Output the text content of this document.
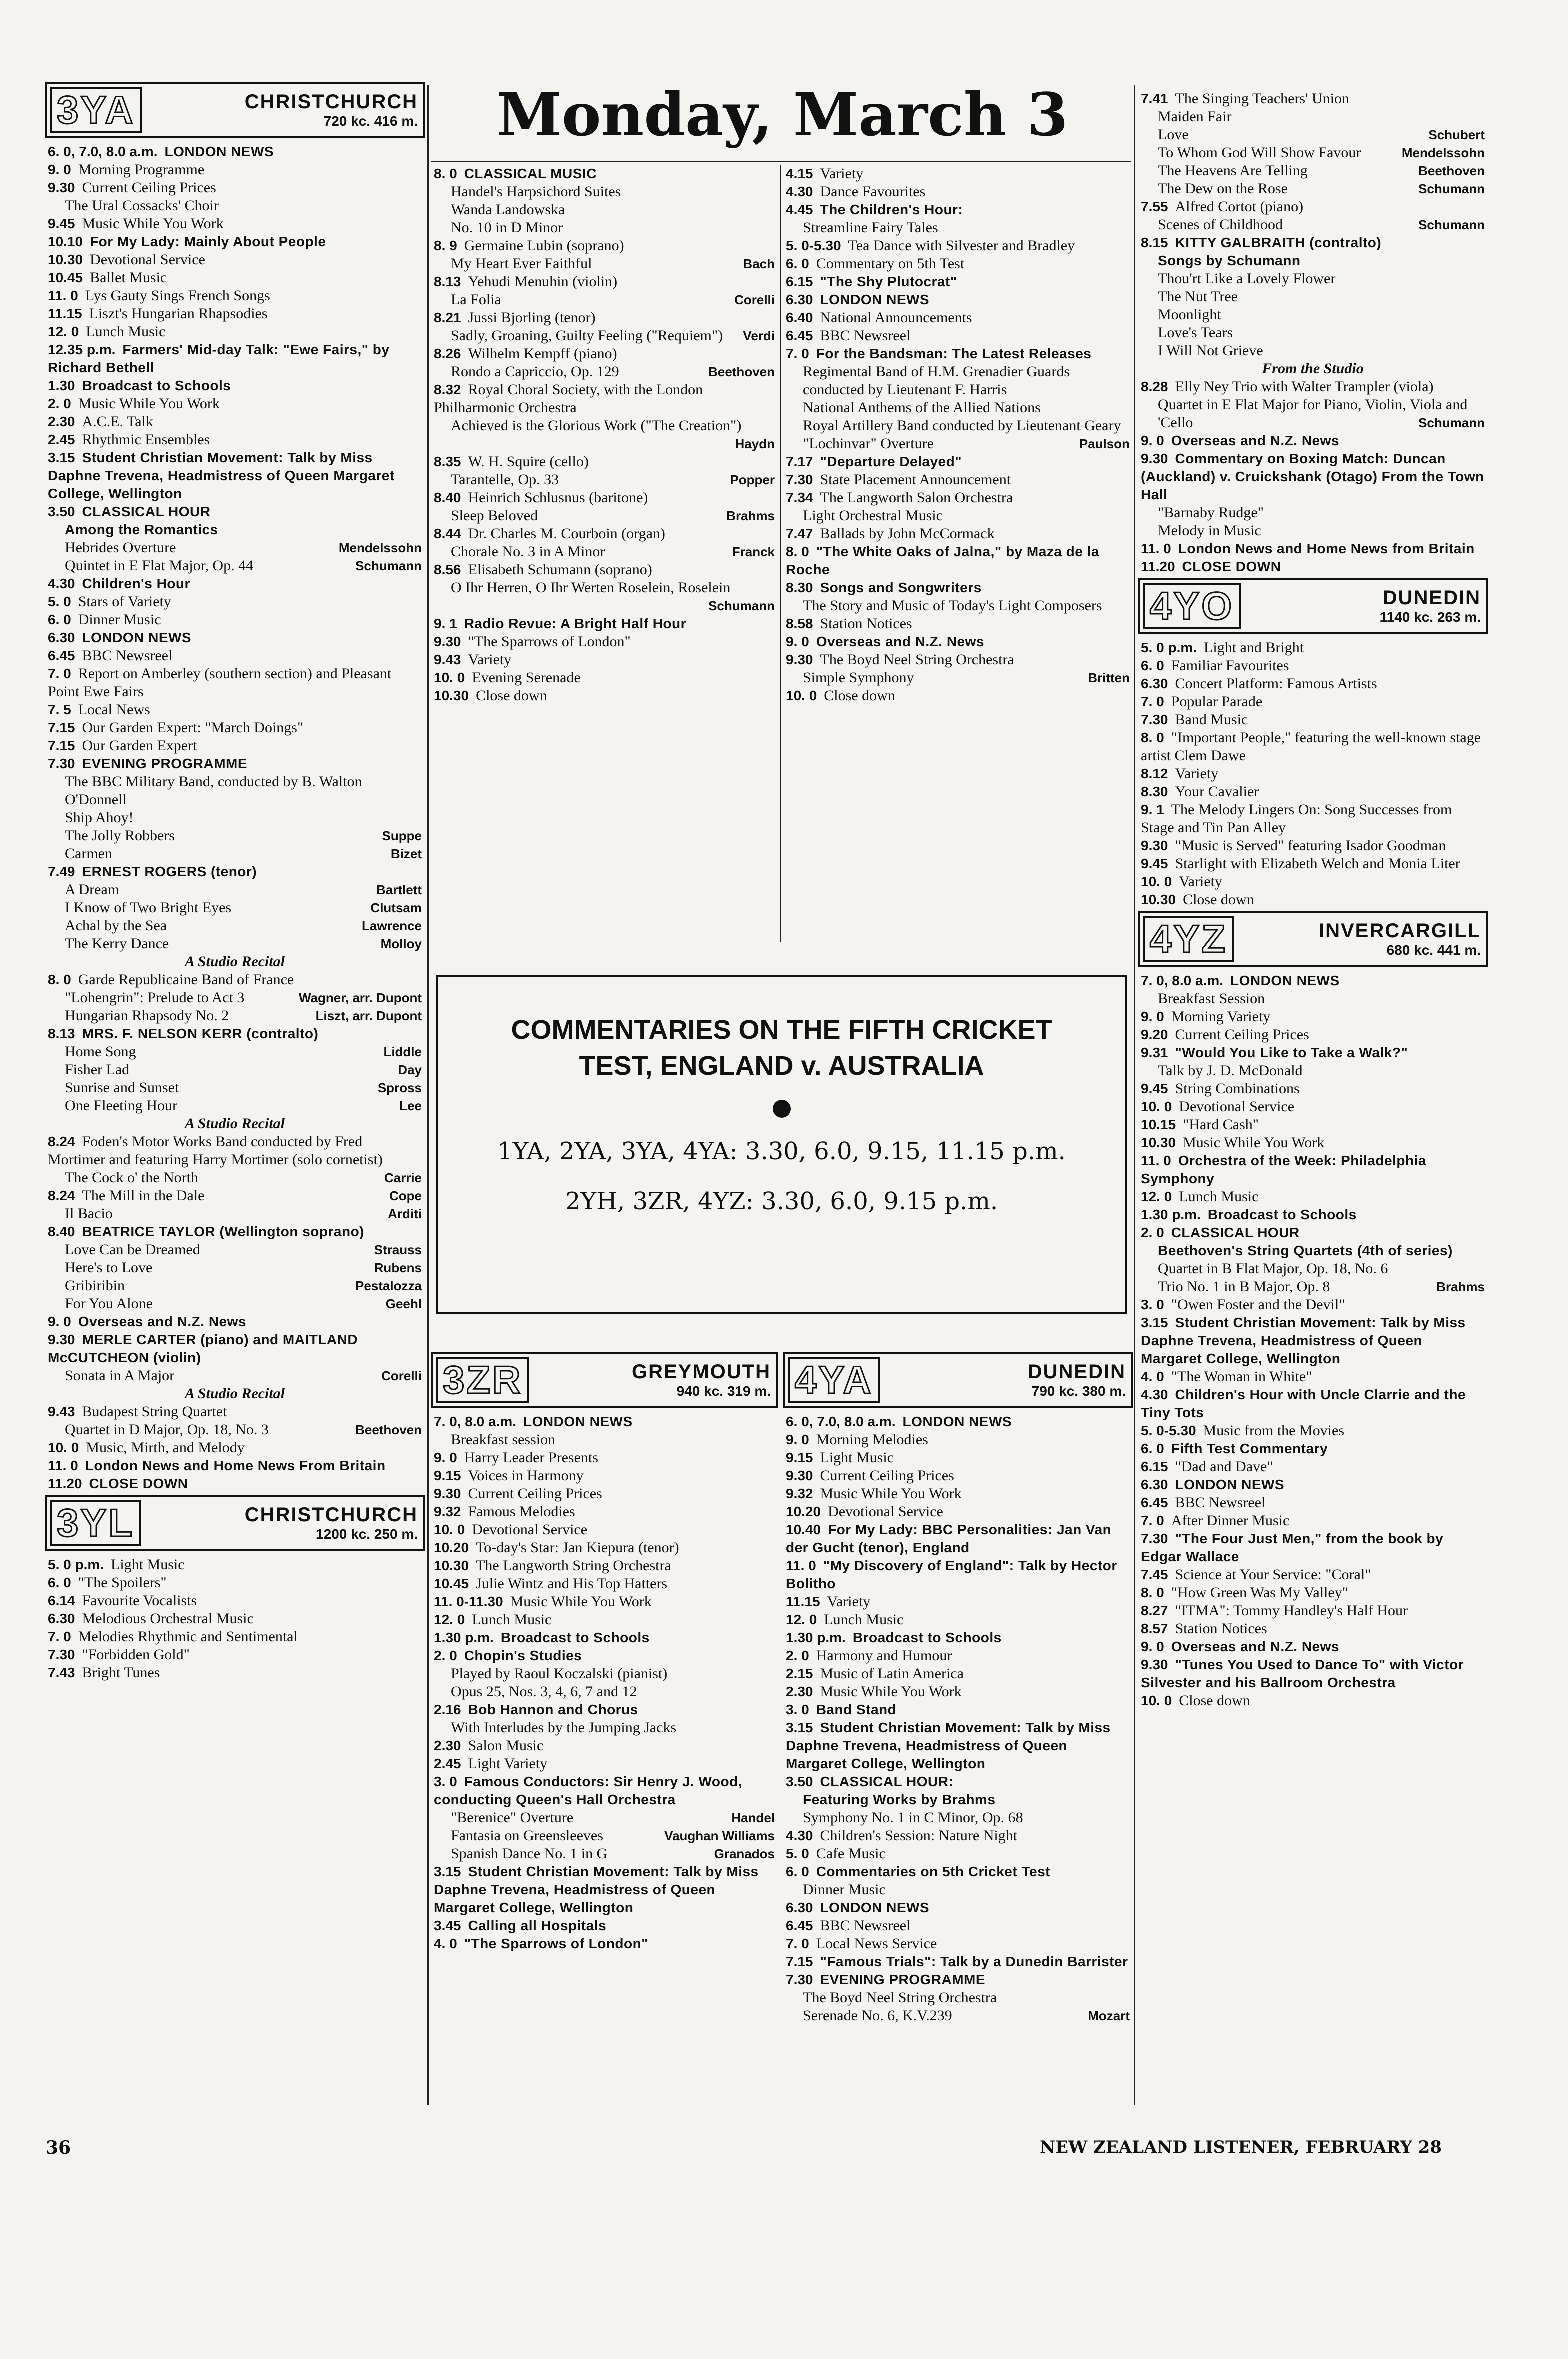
Monday, March 3
3YA	CHRISTCHURCH
720 kc. 416 m.
6. 0, 7.0, 8.0 a.m. LONDON NEWS
9. 0 Morning Programme
9.30 Current Ceiling Prices
The Ural Cossacks' Choir
9.45 Music While You Work
10.10 For My Lady: Mainly About People
10.30 Devotional Service
10.45 Ballet Music
11. 0 Lys Gauty Sings French Songs
11.15 Liszt's Hungarian Rhapsodies
12. 0 Lunch Music
12.35 p.m. Farmers' Mid-day Talk: "Ewe Fairs," by Richard Bethell
1.30 Broadcast to Schools
2. 0 Music While You Work
2.30 A.C.E. Talk
2.45 Rhythmic Ensembles
3.15 Student Christian Movement: Talk by Miss Daphne Trevena, Headmistress of Queen Margaret College, Wellington
3.50 CLASSICAL HOUR
Among the Romantics
Hebrides Overture	Mendelssohn
Quintet in E Flat Major, Op. 44	Schumann
4.30 Children's Hour
5. 0 Stars of Variety
6. 0 Dinner Music
6.30 LONDON NEWS
6.45 BBC Newsreel
7. 0 Report on Amberley (southern section) and Pleasant Point Ewe Fairs
7. 5 Local News
7.15 Our Garden Expert: "March Doings"
7.15 Our Garden Expert
7.30 EVENING PROGRAMME
The BBC Military Band, conducted by B. Walton O'Donnell
Ship Ahoy!
The Jolly Robbers	Suppe
Carmen	Bizet
7.49 ERNEST ROGERS (tenor)
A Dream	Bartlett
I Know of Two Bright Eyes	Clutsam
Achal by the Sea	Lawrence
The Kerry Dance	Molloy
A Studio Recital
8. 0 Garde Republicaine Band of France
"Lohengrin": Prelude to Act 3	Wagner, arr. Dupont
Hungarian Rhapsody No. 2	Liszt, arr. Dupont
8.13 MRS. F. NELSON KERR (contralto)
Home Song	Liddle
Fisher Lad	Day
Sunrise and Sunset	Spross
One Fleeting Hour	Lee
A Studio Recital
8.24 Foden's Motor Works Band conducted by Fred Mortimer and featuring Harry Mortimer (solo cornetist)
The Cock o' the North	Carrie
8.24 The Mill in the Dale	Cope
Il Bacio	Arditi
8.40 BEATRICE TAYLOR (Wellington soprano)
Love Can be Dreamed	Strauss
Here's to Love	Rubens
Gribiribin	Pestalozza
For You Alone	Geehl
9. 0 Overseas and N.Z. News
9.30 MERLE CARTER (piano) and MAITLAND McCUTCHEON (violin)
Sonata in A Major	Corelli
A Studio Recital
9.43 Budapest String Quartet
Quartet in D Major, Op. 18, No. 3	Beethoven
10. 0 Music, Mirth, and Melody
11. 0 London News and Home News From Britain
11.20 CLOSE DOWN
3YL	CHRISTCHURCH
1200 kc. 250 m.
5. 0 p.m. Light Music
6. 0 "The Spoilers"
6.14 Favourite Vocalists
6.30 Melodious Orchestral Music
7. 0 Melodies Rhythmic and Sentimental
7.30 "Forbidden Gold"
7.43 Bright Tunes
8. 0 CLASSICAL MUSIC
Handel's Harpsichord Suites
Wanda Landowska
No. 10 in D Minor
8. 9 Germaine Lubin (soprano)
My Heart Ever Faithful	Bach
8.13 Yehudi Menuhin (violin)
La Folia	Corelli
8.21 Jussi Bjorling (tenor)
Sadly, Groaning, Guilty Feeling ("Requiem") Verdi
8.26 Wilhelm Kempff (piano)
Rondo a Capriccio, Op. 129	Beethoven
8.32 Royal Choral Society, with the London Philharmonic Orchestra
Achieved is the Glorious Work ("The Creation")
Haydn
8.35 W. H. Squire (cello)
Tarantelle, Op. 33	Popper
8.40 Heinrich Schlusnus (baritone)
Sleep Beloved	Brahms
8.44 Dr. Charles M. Courboin (organ)
Chorale No. 3 in A Minor	Franck
8.56 Elisabeth Schumann (soprano)
O Ihr Herren, O Ihr Werten Roselein, Roselein
Schumann
9. 1 Radio Revue: A Bright Half Hour
9.30 "The Sparrows of London"
9.43 Variety
10. 0 Evening Serenade
10.30 Close down
4.15 Variety
4.30 Dance Favourites
4.45 The Children's Hour:
Streamline Fairy Tales
5. 0-5.30 Tea Dance with Silvester and Bradley
6. 0 Commentary on 5th Test
6.15 "The Shy Plutocrat"
6.30 LONDON NEWS
6.40 National Announcements
6.45 BBC Newsreel
7. 0 For the Bandsman: The Latest Releases
Regimental Band of H.M. Grenadier Guards conducted by Lieutenant F. Harris
National Anthems of the Allied Nations
Royal Artillery Band conducted by Lieutenant Geary
"Lochinvar" Overture	Paulson
7.17 "Departure Delayed"
7.30 State Placement Announcement
7.34 The Langworth Salon Orchestra
Light Orchestral Music
7.47 Ballads by John McCormack
8. 0 "The White Oaks of Jalna," by Maza de la Roche
8.30 Songs and Songwriters
The Story and Music of Today's Light Composers
8.58 Station Notices
9. 0 Overseas and N.Z. News
9.30 The Boyd Neel String Orchestra
Simple Symphony	Britten
10. 0 Close down
COMMENTARIES ON THE FIFTH CRICKET TEST, ENGLAND v. AUSTRALIA
1YA, 2YA, 3YA, 4YA: 3.30, 6.0, 9.15, 11.15 p.m.
2YH, 3ZR, 4YZ: 3.30, 6.0, 9.15 p.m.
3ZR	GREYMOUTH
940 kc. 319 m.
7. 0, 8.0 a.m. LONDON NEWS
Breakfast session
9. 0 Harry Leader Presents
9.15 Voices in Harmony
9.30 Current Ceiling Prices
9.32 Famous Melodies
10. 0 Devotional Service
10.20 To-day's Star: Jan Kiepura (tenor)
10.30 The Langworth String Orchestra
10.45 Julie Wintz and His Top Hatters
11. 0-11.30 Music While You Work
12. 0 Lunch Music
1.30 p.m. Broadcast to Schools
2. 0 Chopin's Studies
Played by Raoul Koczalski (pianist)
Opus 25, Nos. 3, 4, 6, 7 and 12
2.16 Bob Hannon and Chorus
With Interludes by the Jumping Jacks
2.30 Salon Music
2.45 Light Variety
3. 0 Famous Conductors: Sir Henry J. Wood, conducting Queen's Hall Orchestra
"Berenice" Overture	Handel
Fantasia on Greensleeves	Vaughan Williams
Spanish Dance No. 1 in G	Granados
3.15 Student Christian Movement: Talk by Miss Daphne Trevena, Headmistress of Queen Margaret College, Wellington
3.45 Calling all Hospitals
4. 0 "The Sparrows of London"
4YA	DUNEDIN
790 kc. 380 m.
6. 0, 7.0, 8.0 a.m. LONDON NEWS
9. 0 Morning Melodies
9.15 Light Music
9.30 Current Ceiling Prices
9.32 Music While You Work
10.20 Devotional Service
10.40 For My Lady: BBC Personalities: Jan Van der Gucht (tenor), England
11. 0 "My Discovery of England": Talk by Hector Bolitho
11.15 Variety
12. 0 Lunch Music
1.30 p.m. Broadcast to Schools
2. 0 Harmony and Humour
2.15 Music of Latin America
2.30 Music While You Work
3. 0 Band Stand
3.15 Student Christian Movement: Talk by Miss Daphne Trevena, Headmistress of Queen Margaret College, Wellington
3.50 CLASSICAL HOUR:
Featuring Works by Brahms
Symphony No. 1 in C Minor, Op. 68
4.30 Children's Session: Nature Night
5. 0 Cafe Music
6. 0 Commentaries on 5th Cricket Test
Dinner Music
6.30 LONDON NEWS
6.45 BBC Newsreel
7. 0 Local News Service
7.15 "Famous Trials": Talk by a Dunedin Barrister
7.30 EVENING PROGRAMME
The Boyd Neel String Orchestra
Serenade No. 6, K.V.239	Mozart
7.41 The Singing Teachers' Union
Maiden Fair
Love	Schubert
To Whom God Will Show Favour	Mendelssohn
The Heavens Are Telling	Beethoven
The Dew on the Rose	Schumann
7.55 Alfred Cortot (piano)
Scenes of Childhood	Schumann
8.15 KITTY GALBRAITH (contralto)
Songs by Schumann
Thou'rt Like a Lovely Flower
The Nut Tree
Moonlight
Love's Tears
I Will Not Grieve
From the Studio
8.28 Elly Ney Trio with Walter Trampler (viola)
Quartet in E Flat Major for Piano, Violin, Viola and 'Cello	Schumann
9. 0 Overseas and N.Z. News
9.30 Commentary on Boxing Match: Duncan (Auckland) v. Cruickshank (Otago) From the Town Hall
"Barnaby Rudge"
Melody in Music
11. 0 London News and Home News from Britain
11.20 CLOSE DOWN
4YO	DUNEDIN
1140 kc. 263 m.
5. 0 p.m. Light and Bright
6. 0 Familiar Favourites
6.30 Concert Platform: Famous Artists
7. 0 Popular Parade
7.30 Band Music
8. 0 "Important People," featuring the well-known stage artist Clem Dawe
8.12 Variety
8.30 Your Cavalier
9. 1 The Melody Lingers On: Song Successes from Stage and Tin Pan Alley
9.30 "Music is Served" featuring Isador Goodman
9.45 Starlight with Elizabeth Welch and Monia Liter
10. 0 Variety
10.30 Close down
4YZ	INVERCARGILL
680 kc. 441 m.
7. 0, 8.0 a.m. LONDON NEWS
Breakfast Session
9. 0 Morning Variety
9.20 Current Ceiling Prices
9.31 "Would You Like to Take a Walk?"
Talk by J. D. McDonald
9.45 String Combinations
10. 0 Devotional Service
10.15 "Hard Cash"
10.30 Music While You Work
11. 0 Orchestra of the Week: Philadelphia Symphony
12. 0 Lunch Music
1.30 p.m. Broadcast to Schools
2. 0 CLASSICAL HOUR
Beethoven's String Quartets (4th of series)
Quartet in B Flat Major, Op. 18, No. 6
Trio No. 1 in B Major, Op. 8	Brahms
3. 0 "Owen Foster and the Devil"
3.15 Student Christian Movement: Talk by Miss Daphne Trevena, Headmistress of Queen Margaret College, Wellington
4. 0 "The Woman in White"
4.30 Children's Hour with Uncle Clarrie and the Tiny Tots
5. 0-5.30 Music from the Movies
6. 0 Fifth Test Commentary
6.15 "Dad and Dave"
6.30 LONDON NEWS
6.45 BBC Newsreel
7. 0 After Dinner Music
7.30 "The Four Just Men," from the book by Edgar Wallace
7.45 Science at Your Service: "Coral"
8. 0 "How Green Was My Valley"
8.27 "ITMA": Tommy Handley's Half Hour
8.57 Station Notices
9. 0 Overseas and N.Z. News
9.30 "Tunes You Used to Dance To" with Victor Silvester and his Ballroom Orchestra
10. 0 Close down
36	NEW ZEALAND LISTENER, FEBRUARY 28
